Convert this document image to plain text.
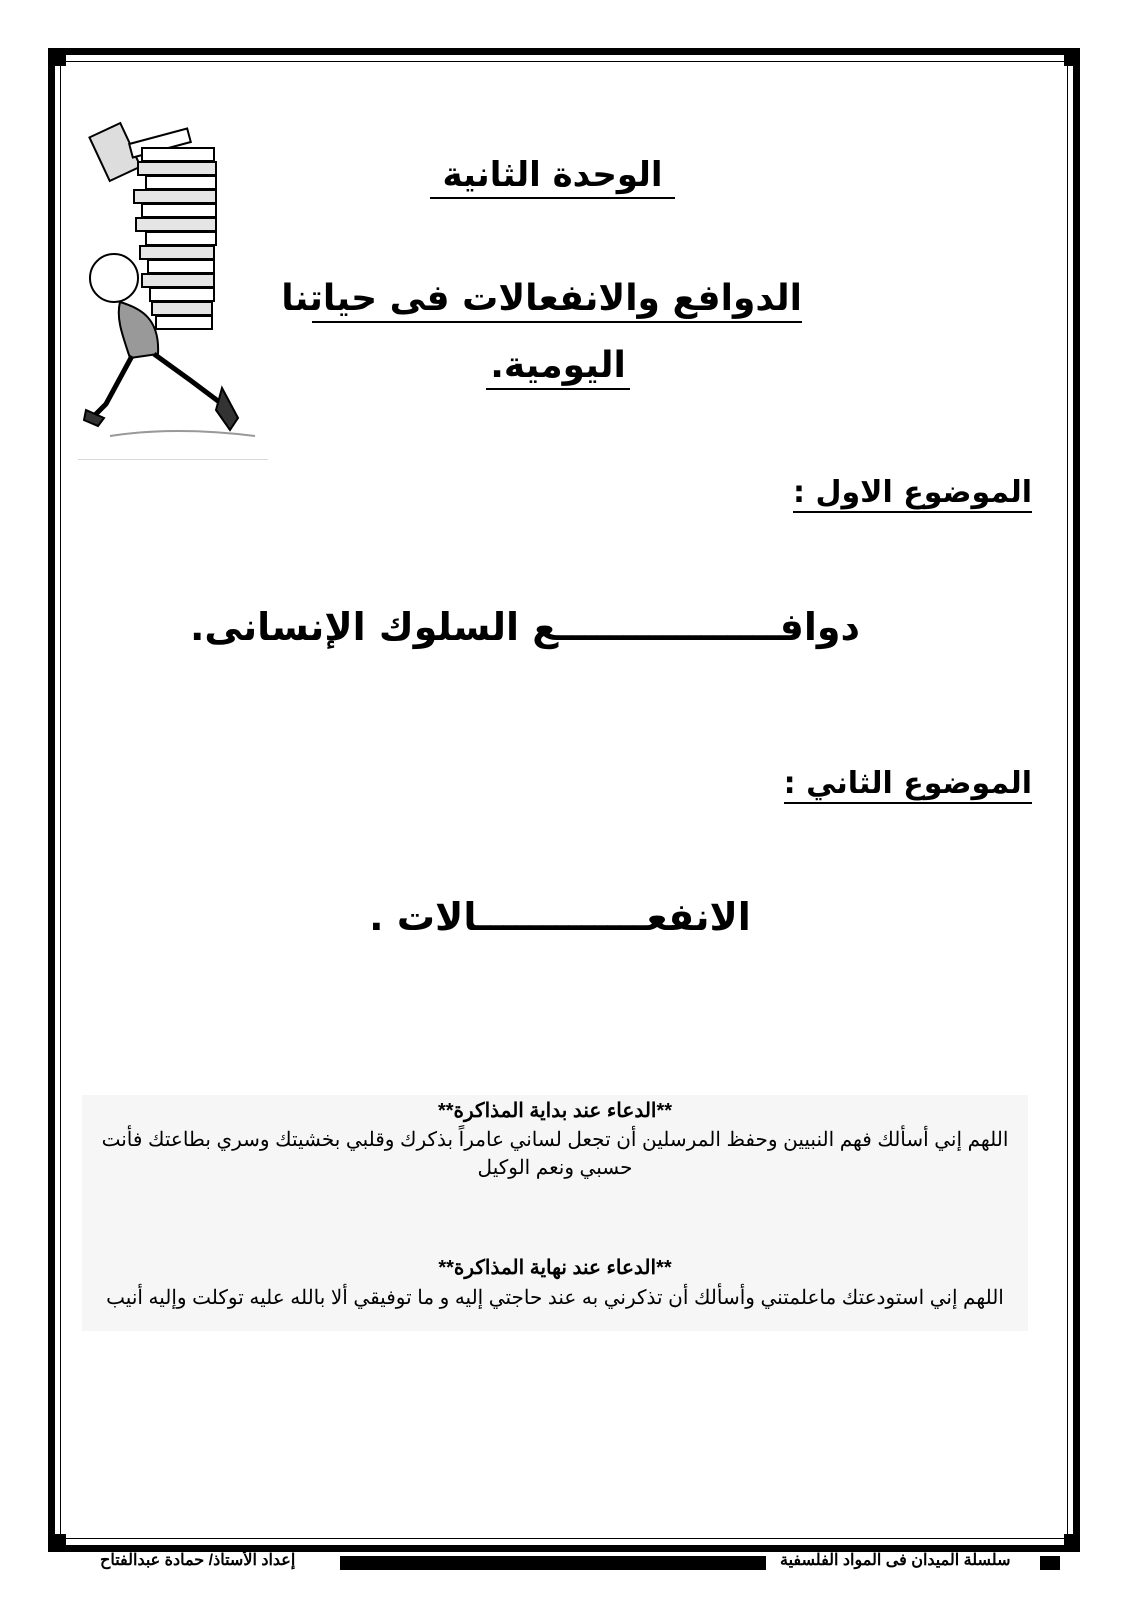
الوحدة الثانية
الدوافع والانفعالات فى حياتنا
اليومية.
الموضوع الاول :
دوافـــــــــــــــــع السلوك الإنسانى.
الموضوع الثاني :
الانفعـــــــــــــالات .
**الدعاء عند بداية المذاكرة**
اللهم إني أسألك فهم النبيين وحفظ المرسلين أن تجعل لساني عامراً بذكرك وقلبي بخشيتك وسري بطاعتك فأنت حسبي ونعم الوكيل
**الدعاء عند نهاية المذاكرة**
اللهم إني استودعتك ماعلمتني وأسألك أن تذكرني به عند حاجتي إليه و ما توفيقي ألا بالله عليه توكلت وإليه أنيب
إعداد الأستاذ/ حمادة عبدالفتاح	سلسلة الميدان فى المواد الفلسفية
